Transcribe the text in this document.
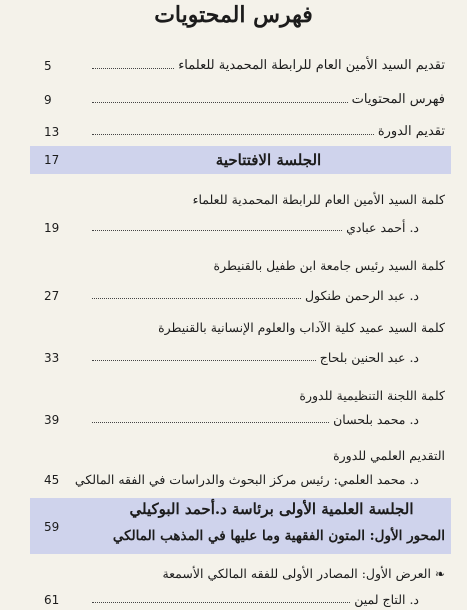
فهرس المحتويات
تقديم السيد الأمين العام للرابطة المحمدية للعلماء
5
فهرس المحتويات
9
تقديم الدورة
13
17	الجلسة الافتتاحية
كلمة السيد الأمين العام للرابطة المحمدية للعلماء
د. أحمد عبادي
19
كلمة السيد رئيس جامعة ابن طفيل بالقنيطرة
د. عبد الرحمن طنكول
27
كلمة السيد عميد كلية الآداب والعلوم الإنسانية بالقنيطرة
د. عبد الحنين بلحاج
33
كلمة اللجنة التنظيمية للدورة
د. محمد بلحسان
39
التقديم العلمي للدورة
د. محمد العلمي: رئيس مركز البحوث والدراسات في الفقه المالكي
45
59
الجلسة العلمية الأولى برئاسة د.أحمد البوكيلي
المحور الأول: المتون الفقهية وما عليها في المذهب المالكي
❧العرض الأول: المصادر الأولى للفقه المالكي الأسمعة
د. التاج لمين
61
